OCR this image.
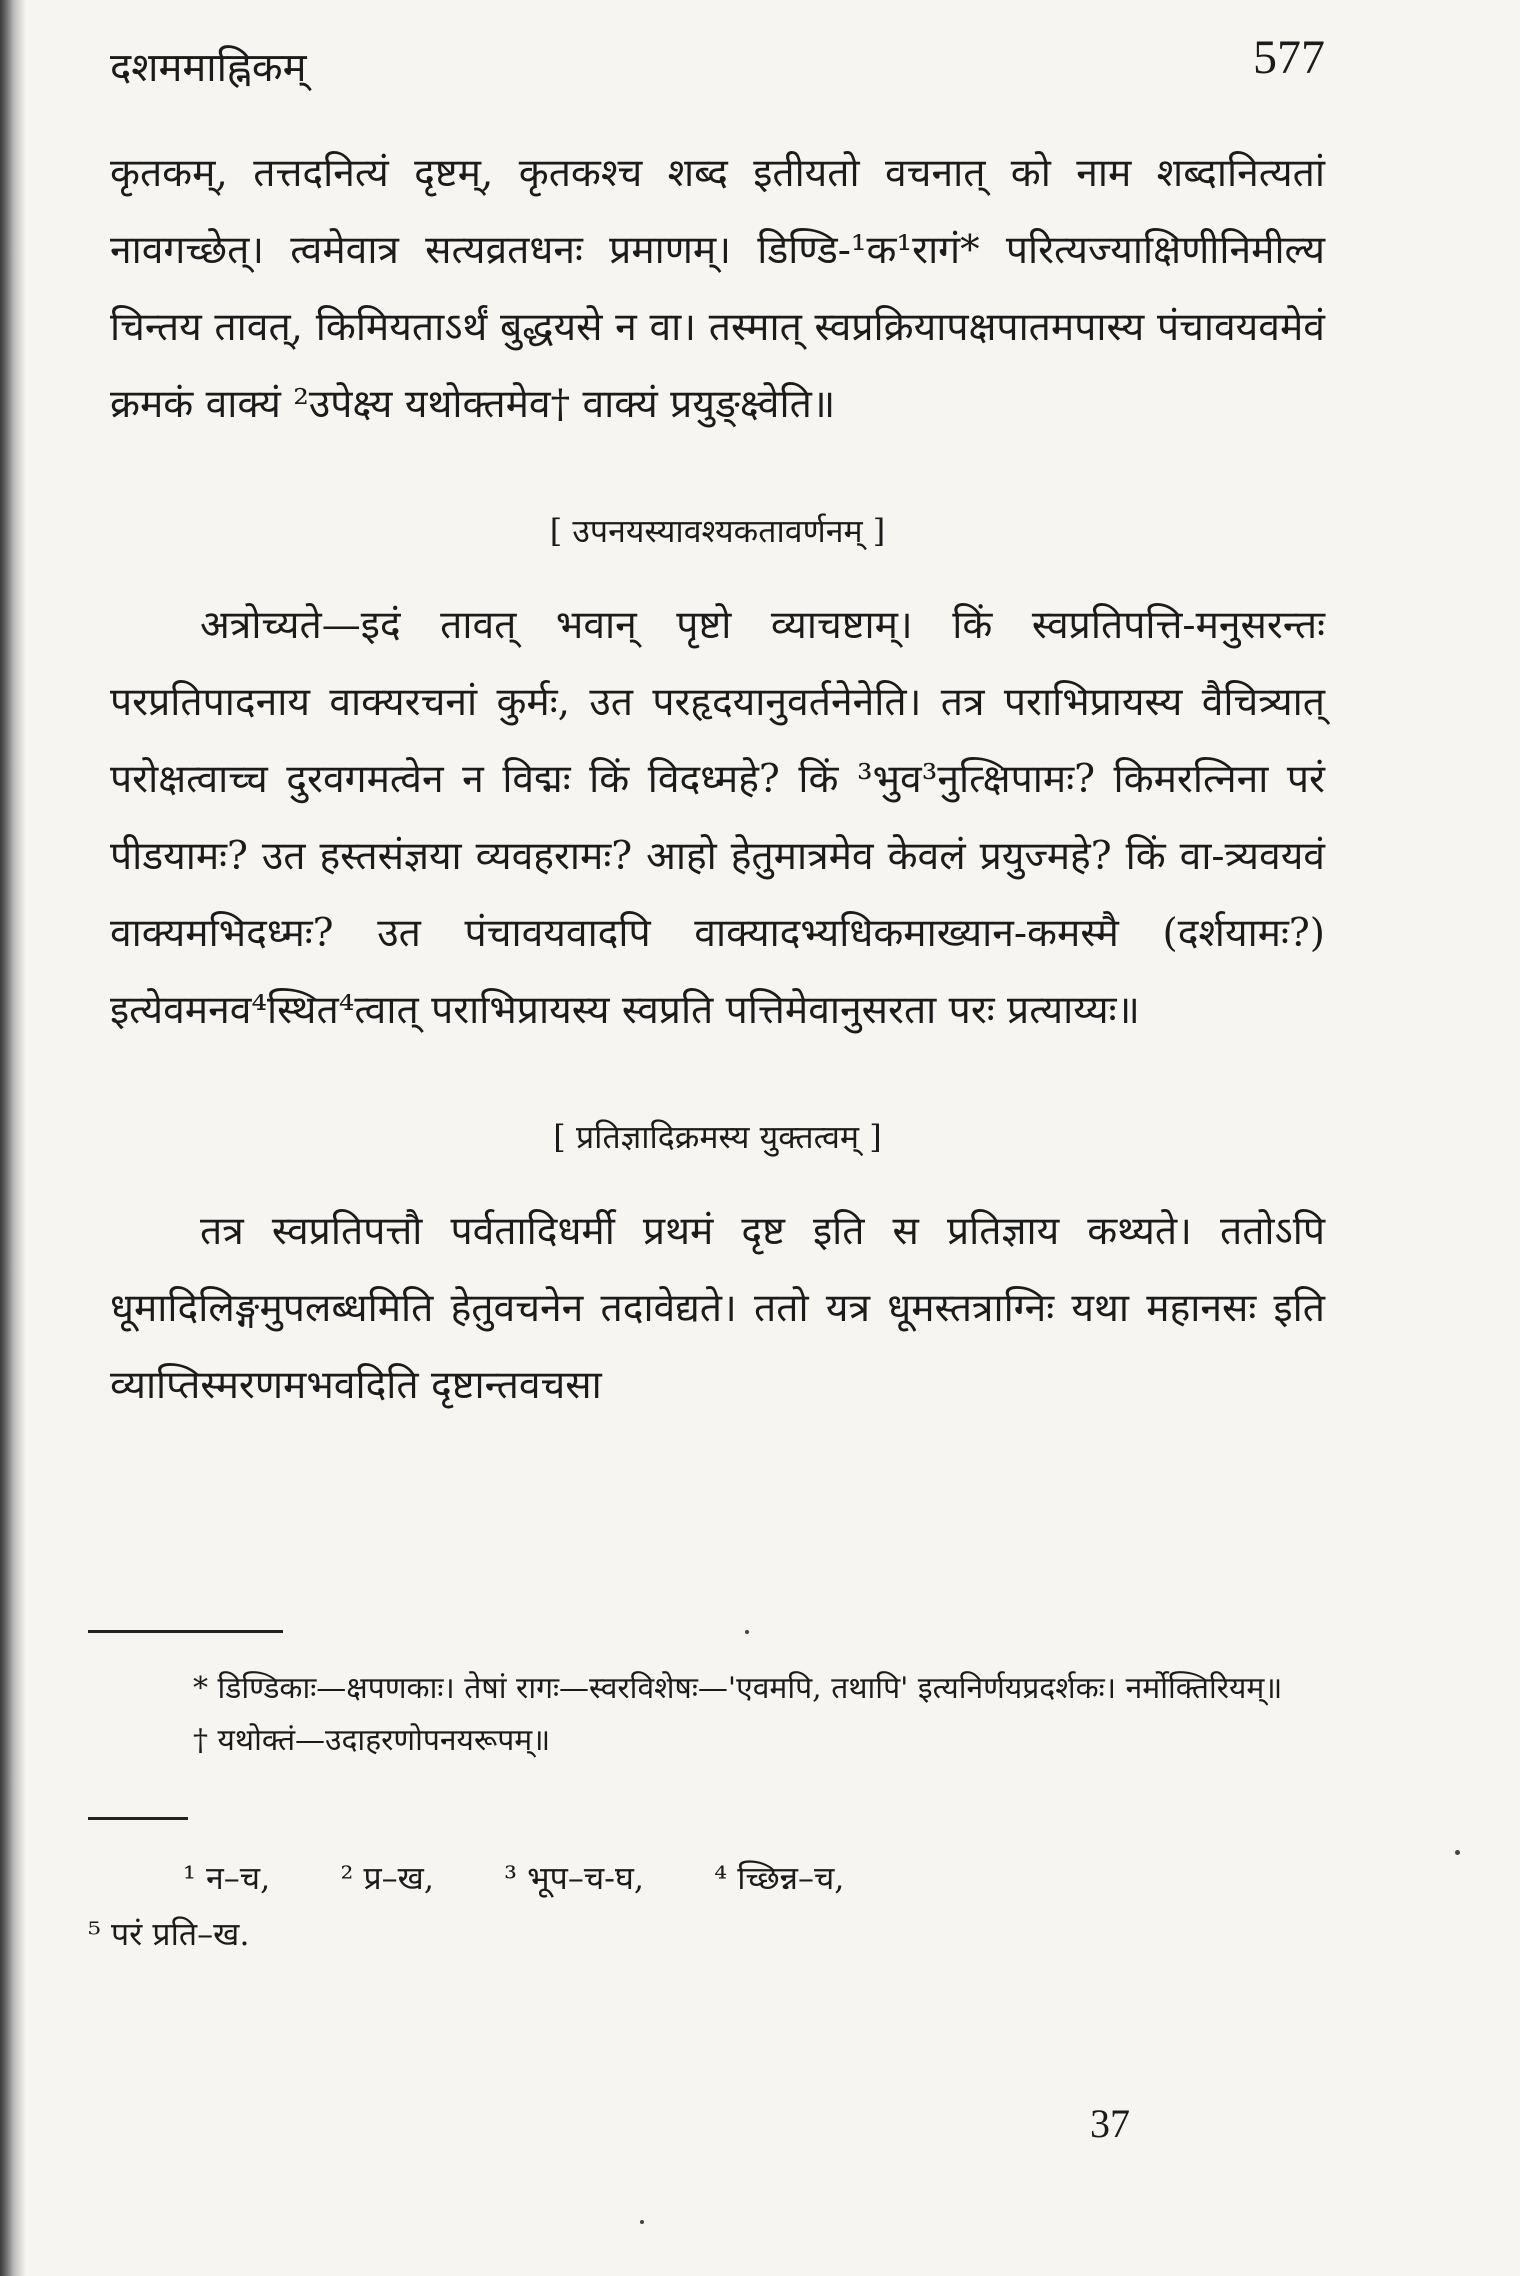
दशममाह्निकम्	577

कृतकम्, तत्तदनित्यं दृष्टम्, कृतकश्च शब्द इतीयतो वचनात् को नाम शब्दानित्यतां नावगच्छेत्। त्वमेवात्र सत्यव्रतधनः प्रमाणम्। डिण्डि-¹क¹रागं* परित्यज्याक्षिणीनिमील्य चिन्तय तावत्, किमियताऽर्थं बुद्धयसे न वा। तस्मात् स्वप्रक्रियापक्षपातमपास्य पंचावयवमेवं क्रमकं वाक्यं ²उपेक्ष्य यथोक्तमेव† वाक्यं प्रयुङ्क्ष्वेति॥

[ उपनयस्यावश्यकतावर्णनम् ]

अत्रोच्यते—इदं तावत् भवान् पृष्टो व्याचष्टाम्। किं स्वप्रतिपत्ति-मनुसरन्तः परप्रतिपादनाय वाक्यरचनां कुर्मः, उत परहृदयानुवर्तनेनेति। तत्र पराभिप्रायस्य वैचित्र्यात् परोक्षत्वाच्च दुरवगमत्वेन न विद्मः किं विदध्महे? किं ³भुव³नुत्क्षिपामः? किमरत्निना परं पीडयामः? उत हस्तसंज्ञया व्यवहरामः? आहो हेतुमात्रमेव केवलं प्रयुज्महे? किं वा-त्र्यवयवं वाक्यमभिदध्मः? उत पंचावयवादपि वाक्यादभ्यधिकमाख्यान-कमस्मै (दर्शयामः?) इत्येवमनव⁴स्थित⁴त्वात् पराभिप्रायस्य स्वप्रति पत्तिमेवानुसरता परः प्रत्याय्यः॥

[ प्रतिज्ञादिक्रमस्य युक्तत्वम् ]

तत्र स्वप्रतिपत्तौ पर्वतादिधर्मी प्रथमं दृष्ट इति स प्रतिज्ञाय कथ्यते। ततोऽपि धूमादिलिङ्गमुपलब्धमिति हेतुवचनेन तदावेद्यते। ततो यत्र धूमस्तत्राग्निः यथा महानसः इति व्याप्तिस्मरणमभवदिति दृष्टान्तवचसा

* डिण्डिकाः—क्षपणकाः। तेषां रागः—स्वरविशेषः—'एवमपि, तथापि' इत्यनिर्णयप्रदर्शकः। नर्मोक्तिरियम्॥
† यथोक्तं—उदाहरणोपनयरूपम्॥
¹ न–च, ² प्र–ख, ³ भूप–च-घ, ⁴ च्छिन्न–च,
⁵ परं प्रति–ख.
37
